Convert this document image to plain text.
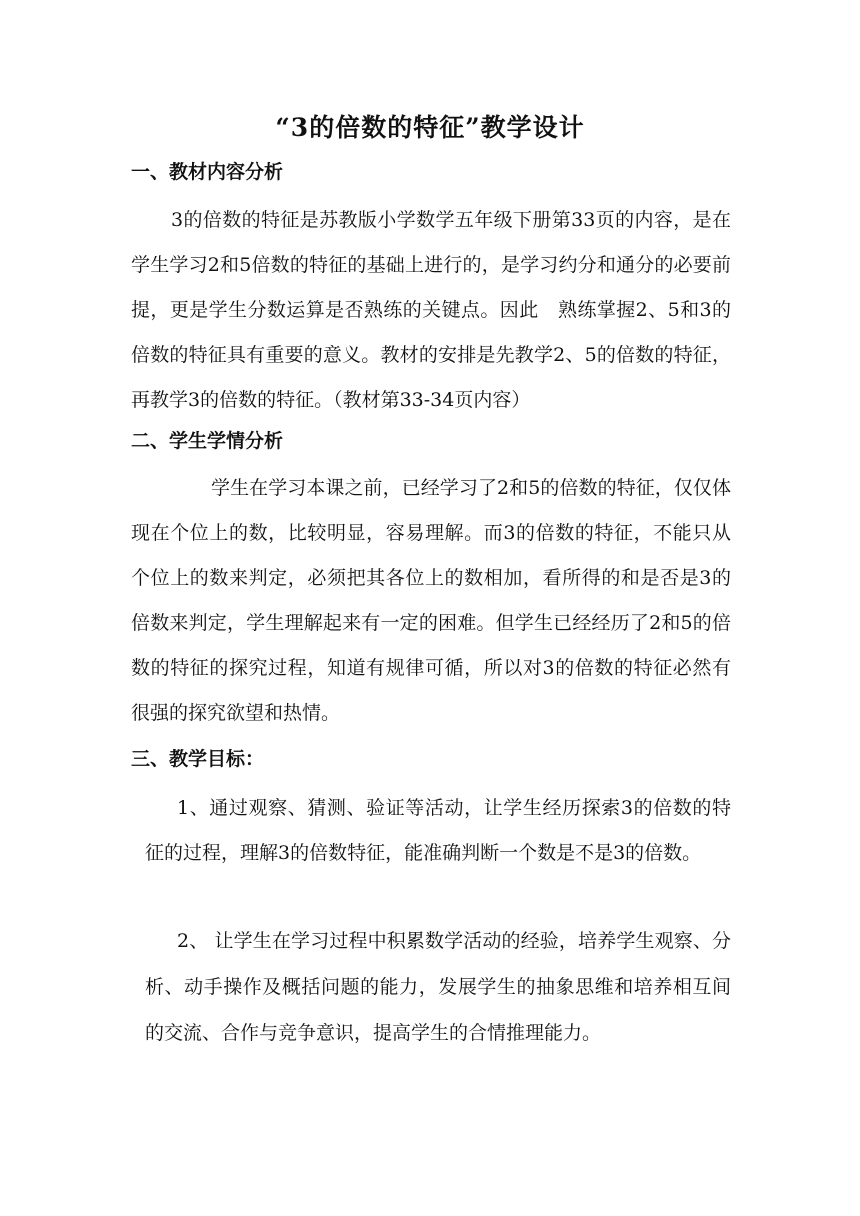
“3的倍数的特征”教学设计
一、教材内容分析

3的倍数的特征是苏教版小学数学五年级下册第33页的内容，是在学生学习2和5倍数的特征的基础上进行的，是学习约分和通分的必要前提，更是学生分数运算是否熟练的关键点。因此　熟练掌握2、5和3的倍数的特征具有重要的意义。教材的安排是先教学2、5的倍数的特征，再教学3的倍数的特征。（教材第33-34页内容）

二、学生学情分析

学生在学习本课之前，已经学习了2和5的倍数的特征，仅仅体现在个位上的数，比较明显，容易理解。而3的倍数的特征，不能只从个位上的数来判定，必须把其各位上的数相加，看所得的和是否是3的倍数来判定，学生理解起来有一定的困难。但学生已经经历了2和5的倍数的特征的探究过程，知道有规律可循，所以对3的倍数的特征必然有很强的探究欲望和热情。

三、教学目标：

1、通过观察、猜测、验证等活动，让学生经历探索3的倍数的特征的过程，理解3的倍数特征，能准确判断一个数是不是3的倍数。

2、 让学生在学习过程中积累数学活动的经验，培养学生观察、分析、动手操作及概括问题的能力，发展学生的抽象思维和培养相互间的交流、合作与竞争意识，提高学生的合情推理能力。
